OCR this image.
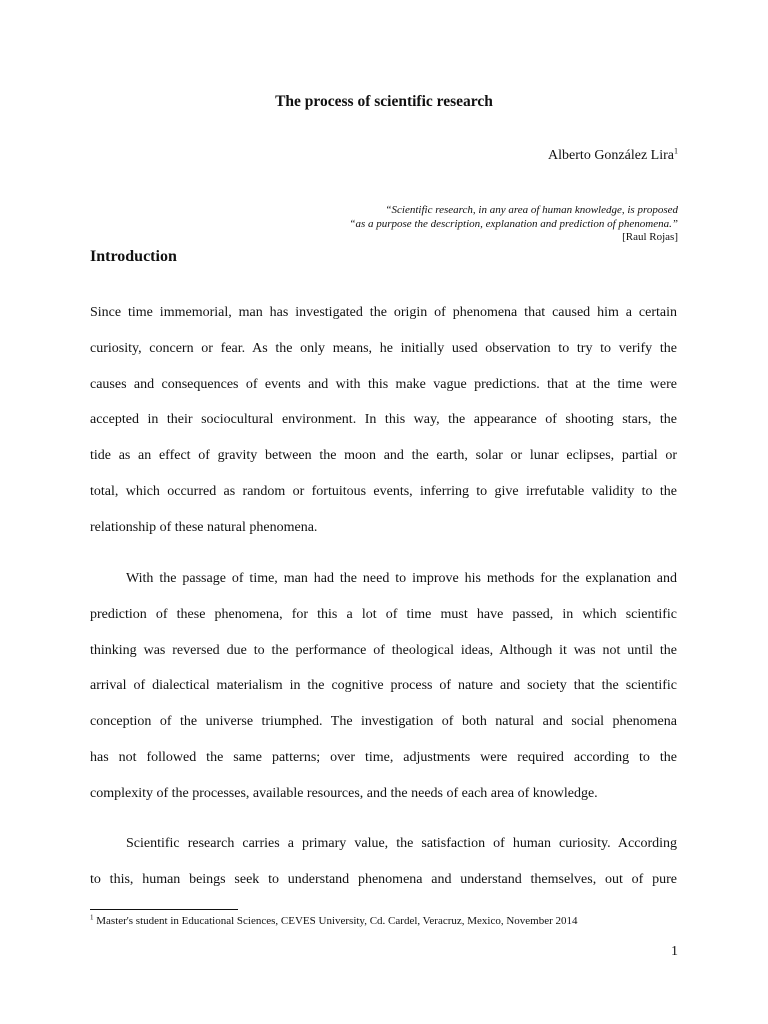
The process of scientific research
Alberto González Lira$^1$
“Scientific research, in any area of human knowledge, is proposed
“as a purpose the description, explanation and prediction of phenomena.”
[Raul Rojas]
Introduction
Since time immemorial, man has investigated the origin of phenomena that caused him a certain
curiosity, concern or fear. As the only means, he initially used observation to try to verify the
causes and consequences of events and with this make vague predictions. that at the time were
accepted in their sociocultural environment. In this way, the appearance of shooting stars, the
tide as an effect of gravity between the moon and the earth, solar or lunar eclipses, partial or
total, which occurred as random or fortuitous events, inferring to give irrefutable validity to the
relationship of these natural phenomena.
With the passage of time, man had the need to improve his methods for the explanation and
prediction of these phenomena, for this a lot of time must have passed, in which scientific
thinking was reversed due to the performance of theological ideas, Although it was not until the
arrival of dialectical materialism in the cognitive process of nature and society that the scientific
conception of the universe triumphed. The investigation of both natural and social phenomena
has not followed the same patterns; over time, adjustments were required according to the
complexity of the processes, available resources, and the needs of each area of knowledge.
Scientific research carries a primary value, the satisfaction of human curiosity. According
to this, human beings seek to understand phenomena and understand themselves, out of pure
$^1$ Master's student in Educational Sciences, CEVES University, Cd. Cardel, Veracruz, Mexico, November 2014
1
